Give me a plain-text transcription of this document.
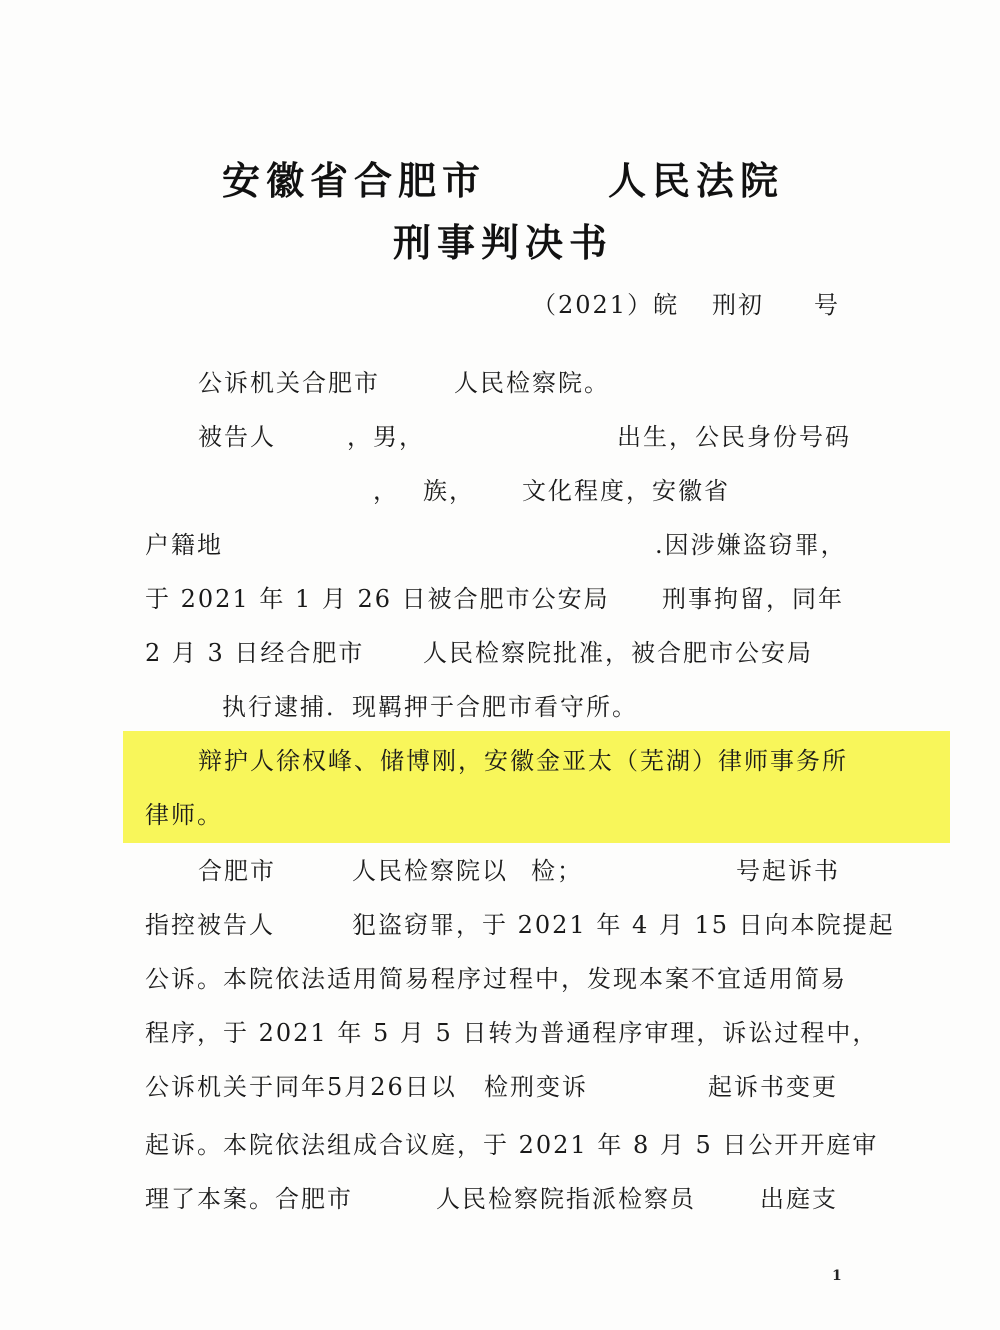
安徽省合肥市	人民法院
刑事判决书
（2021）皖 刑初 号
公诉机关合肥市	人民检察院。
被告人	，男，	出生，公民身份号码
， 族， 文化程度，安徽省
户籍地	.因涉嫌盗窃罪，
于 2021 年 1 月 26 日被合肥市公安局 刑事拘留，同年
2 月 3 日经合肥市 人民检察院批准，被合肥市公安局
执行逮捕．现羁押于合肥市看守所。
辩护人徐权峰、储博刚，安徽金亚太（芜湖）律师事务所
律师。
合肥市	人民检察院以 检；	号起诉书
指控被告人	犯盗窃罪，于 2021 年 4 月 15 日向本院提起
公诉。本院依法适用简易程序过程中，发现本案不宜适用简易
程序，于 2021 年 5 月 5 日转为普通程序审理，诉讼过程中，
公诉机关于同年5月26日以 检刑变诉	起诉书变更
起诉。本院依法组成合议庭，于 2021 年 8 月 5 日公开开庭审
理了本案。合肥市	人民检察院指派检察员	出庭支
1
